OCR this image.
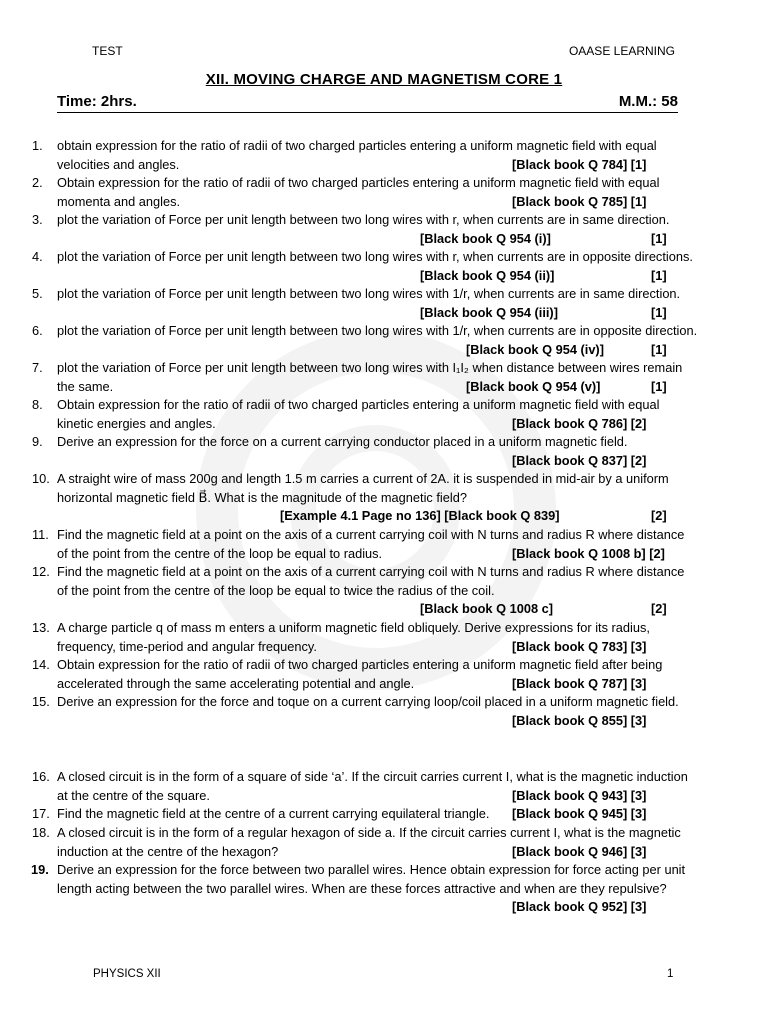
TEST	OAASE LEARNING
XII. MOVING CHARGE AND MAGNETISM CORE 1
Time: 2hrs.	M.M.: 58
1.	obtain expression for the ratio of radii of two charged particles entering a uniform magnetic field with equal
velocities and angles.	[Black book Q 784] [1]
2.	Obtain expression for the ratio of radii of two charged particles entering a uniform magnetic field with equal
momenta and angles.	[Black book Q 785] [1]
3.	plot the variation of Force per unit length between two long wires with r, when currents are in same direction.
[Black book Q 954 (i)]	[1]
4.	plot the variation of Force per unit length between two long wires with r, when currents are in opposite directions.
[Black book Q 954 (ii)]	[1]
5.	plot the variation of Force per unit length between two long wires with 1/r, when currents are in same direction.
[Black book Q 954 (iii)]	[1]
6.	plot the variation of Force per unit length between two long wires with 1/r, when currents are in opposite direction.
[Black book Q 954 (iv)]	[1]
7.	plot the variation of Force per unit length between two long wires with I₁I₂ when distance between wires remain
the same.	[Black book Q 954 (v)]	[1]
8.	Obtain expression for the ratio of radii of two charged particles entering a uniform magnetic field with equal
kinetic energies and angles.	[Black book Q 786] [2]
9.	Derive an expression for the force on a current carrying conductor placed in a uniform magnetic field.
[Black book Q 837] [2]
10. A straight wire of mass 200g and length 1.5 m carries a current of 2A. it is suspended in mid-air by a uniform
horizontal magnetic field B⃗. What is the magnitude of the magnetic field?
[Example 4.1 Page no 136] [Black book Q 839]	[2]
11. Find the magnetic field at a point on the axis of a current carrying coil with N turns and radius R where distance
of the point from the centre of the loop be equal to radius.	[Black book Q 1008 b] [2]
12. Find the magnetic field at a point on the axis of a current carrying coil with N turns and radius R where distance
of the point from the centre of the loop be equal to twice the radius of the coil.
[Black book Q 1008 c]	[2]
13. A charge particle q of mass m enters a uniform magnetic field obliquely. Derive expressions for its radius,
frequency, time-period and angular frequency.	[Black book Q 783] [3]
14. Obtain expression for the ratio of radii of two charged particles entering a uniform magnetic field after being
accelerated through the same accelerating potential and angle.	[Black book Q 787] [3]
15. Derive an expression for the force and toque on a current carrying loop/coil placed in a uniform magnetic field.
[Black book Q 855] [3]
16. A closed circuit is in the form of a square of side ‘a’. If the circuit carries current I, what is the magnetic induction
at the centre of the square.	[Black book Q 943] [3]
17. Find the magnetic field at the centre of a current carrying equilateral triangle. [Black book Q 945] [3]
18. A closed circuit is in the form of a regular hexagon of side a. If the circuit carries current I, what is the magnetic
induction at the centre of the hexagon?	[Black book Q 946] [3]
19. Derive an expression for the force between two parallel wires. Hence obtain expression for force acting per unit
length acting between the two parallel wires. When are these forces attractive and when are they repulsive?
[Black book Q 952] [3]
PHYSICS XII	1
